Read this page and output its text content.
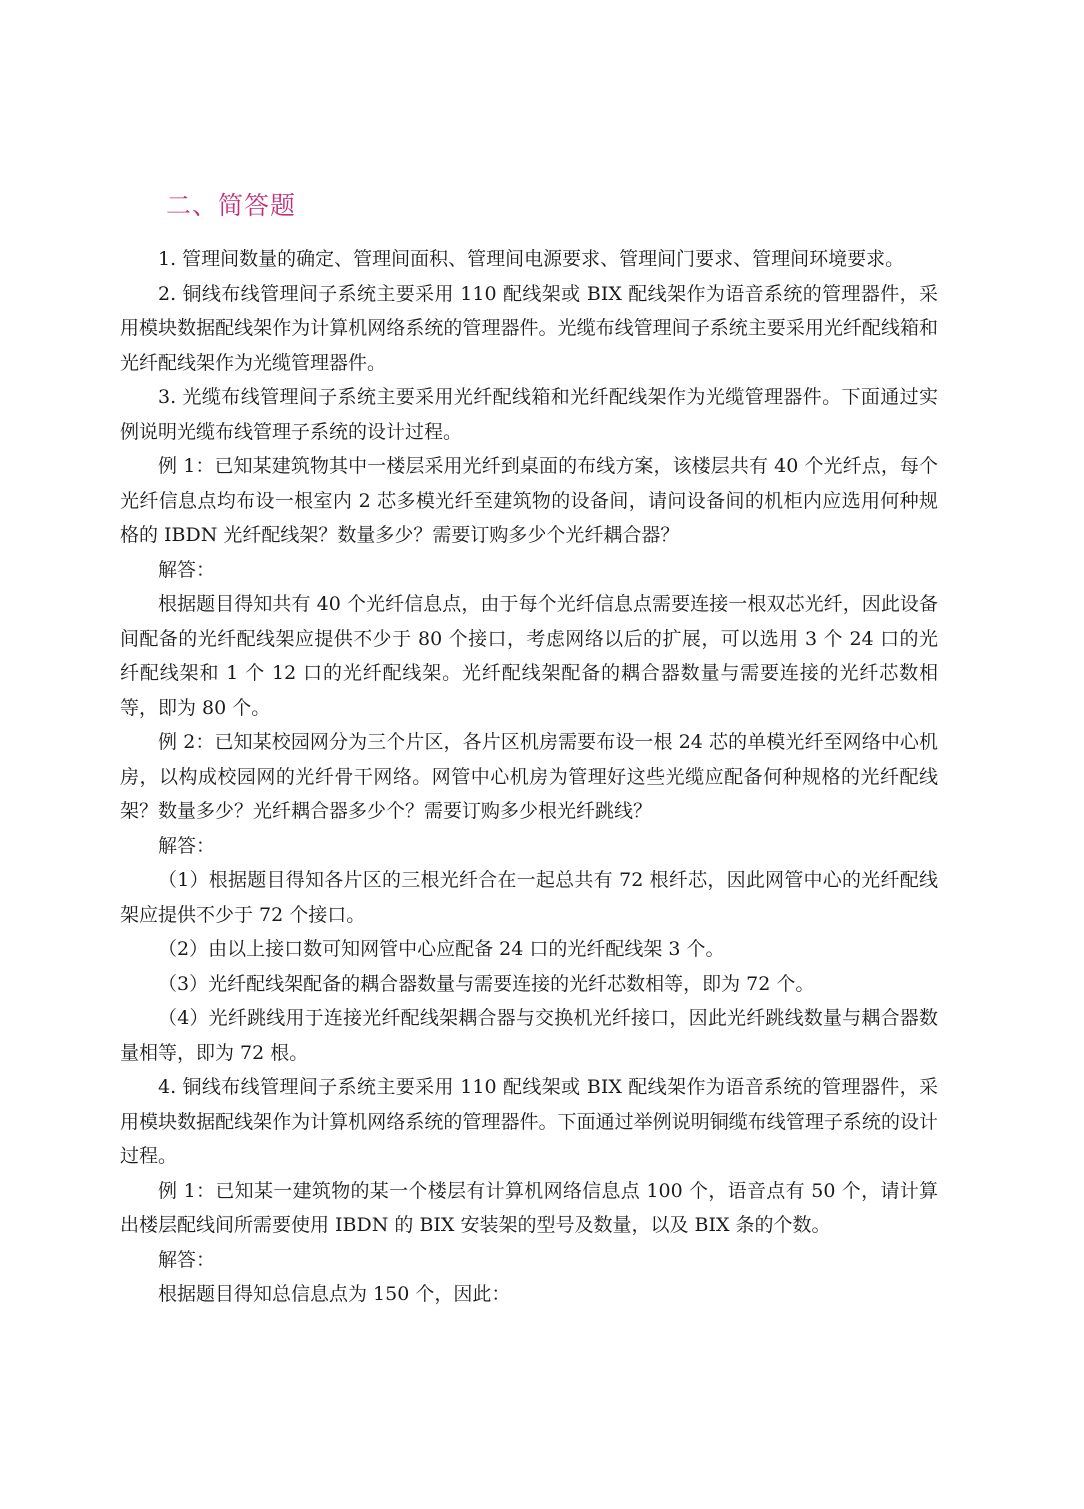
二、简答题

1. 管理间数量的确定、管理间面积、管理间电源要求、管理间门要求、管理间环境要求。

2. 铜线布线管理间子系统主要采用 110 配线架或 BIX 配线架作为语音系统的管理器件，采用模块数据配线架作为计算机网络系统的管理器件。光缆布线管理间子系统主要采用光纤配线箱和光纤配线架作为光缆管理器件。

3. 光缆布线管理间子系统主要采用光纤配线箱和光纤配线架作为光缆管理器件。下面通过实例说明光缆布线管理子系统的设计过程。

例 1：已知某建筑物其中一楼层采用光纤到桌面的布线方案，该楼层共有 40 个光纤点，每个光纤信息点均布设一根室内 2 芯多模光纤至建筑物的设备间，请问设备间的机柜内应选用何种规格的 IBDN 光纤配线架？数量多少？需要订购多少个光纤耦合器？

解答：

根据题目得知共有 40 个光纤信息点，由于每个光纤信息点需要连接一根双芯光纤，因此设备间配备的光纤配线架应提供不少于 80 个接口，考虑网络以后的扩展，可以选用 3 个 24 口的光纤配线架和 1 个 12 口的光纤配线架。光纤配线架配备的耦合器数量与需要连接的光纤芯数相等，即为 80 个。

例 2：已知某校园网分为三个片区，各片区机房需要布设一根 24 芯的单模光纤至网络中心机房，以构成校园网的光纤骨干网络。网管中心机房为管理好这些光缆应配备何种规格的光纤配线架？数量多少？光纤耦合器多少个？需要订购多少根光纤跳线？

解答：

（1）根据题目得知各片区的三根光纤合在一起总共有 72 根纤芯，因此网管中心的光纤配线架应提供不少于 72 个接口。

（2）由以上接口数可知网管中心应配备 24 口的光纤配线架 3 个。

（3）光纤配线架配备的耦合器数量与需要连接的光纤芯数相等，即为 72 个。

（4）光纤跳线用于连接光纤配线架耦合器与交换机光纤接口，因此光纤跳线数量与耦合器数量相等，即为 72 根。

4. 铜线布线管理间子系统主要采用 110 配线架或 BIX 配线架作为语音系统的管理器件，采用模块数据配线架作为计算机网络系统的管理器件。下面通过举例说明铜缆布线管理子系统的设计过程。

例 1：已知某一建筑物的某一个楼层有计算机网络信息点 100 个，语音点有 50 个，请计算出楼层配线间所需要使用 IBDN 的 BIX 安装架的型号及数量，以及 BIX 条的个数。

解答：

根据题目得知总信息点为 150 个，因此：
